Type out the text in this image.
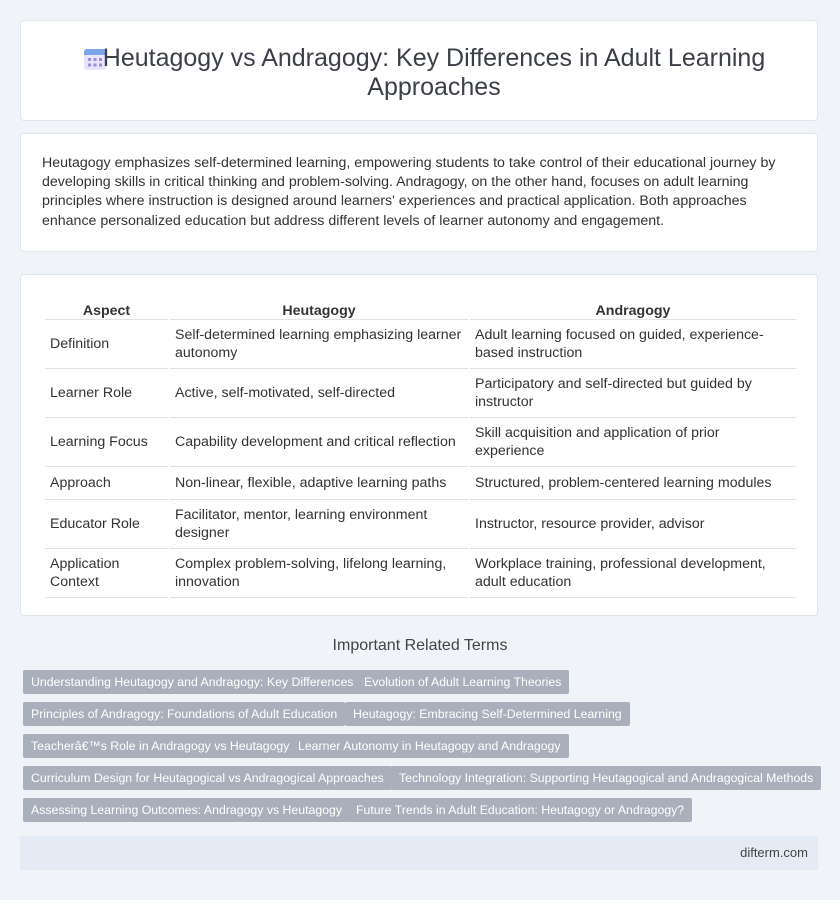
Heutagogy vs Andragogy: Key Differences in Adult Learning Approaches

Heutagogy emphasizes self-determined learning, empowering students to take control of their educational journey by developing skills in critical thinking and problem-solving. Andragogy, on the other hand, focuses on adult learning principles where instruction is designed around learners' experiences and practical application. Both approaches enhance personalized education but address different levels of learner autonomy and engagement.

Aspect	Heutagogy	Andragogy
Definition	Self-determined learning emphasizing learner autonomy	Adult learning focused on guided, experience-based instruction
Learner Role	Active, self-motivated, self-directed	Participatory and self-directed but guided by instructor
Learning Focus	Capability development and critical reflection	Skill acquisition and application of prior experience
Approach	Non-linear, flexible, adaptive learning paths	Structured, problem-centered learning modules
Educator Role	Facilitator, mentor, learning environment designer	Instructor, resource provider, advisor
Application Context	Complex problem-solving, lifelong learning, innovation	Workplace training, professional development, adult education
Important Related Terms
Understanding Heutagogy and Andragogy: Key Differences Evolution of Adult Learning Theories
Principles of Andragogy: Foundations of Adult Education	Heutagogy: Embracing Self-Determined Learning
Teacherâ€™s Role in Andragogy vs Heutagogy Learner Autonomy in Heutagogy and Andragogy
Curriculum Design for Heutagogical vs Andragogical Approaches	Technology Integration: Supporting Heutagogical and Andragogical Methods
Assessing Learning Outcomes: Andragogy vs Heutagogy	Future Trends in Adult Education: Heutagogy or Andragogy?
difterm.com
